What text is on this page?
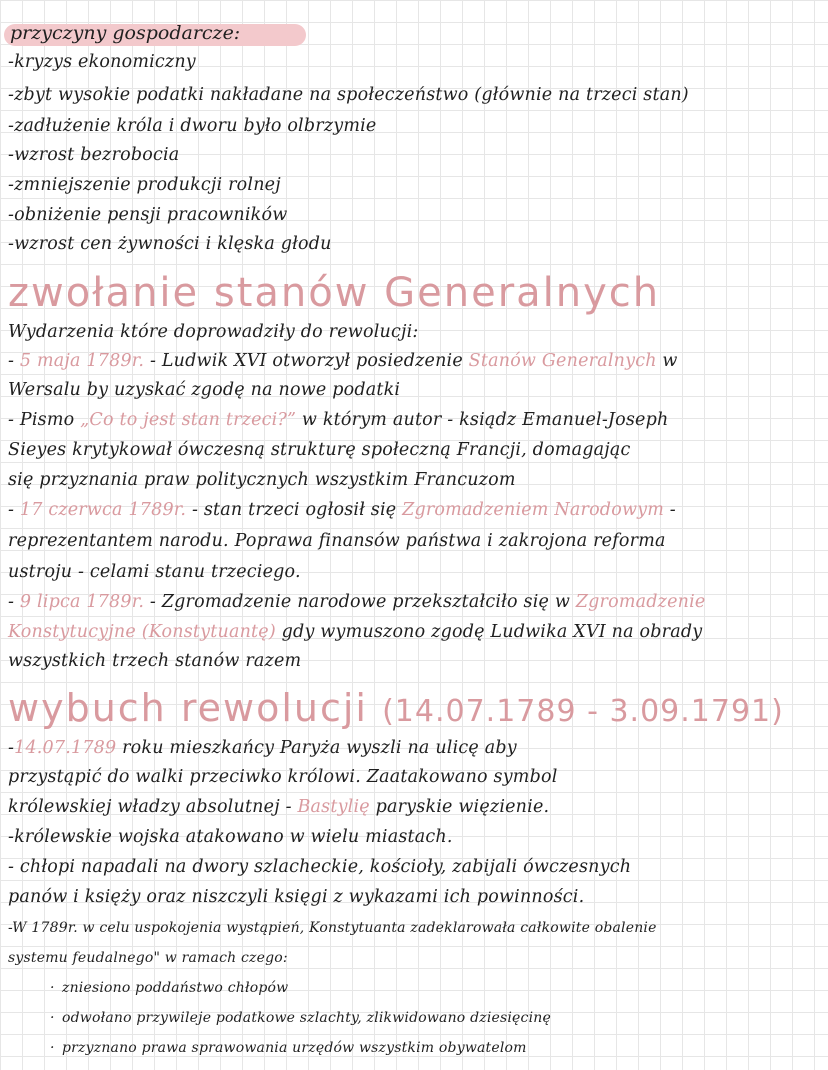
przyczyny gospodarcze:
-kryzys ekonomiczny
-zbyt wysokie podatki nakładane na społeczeństwo (głównie na trzeci stan)
-zadłużenie króla i dworu było olbrzymie
-wzrost bezrobocia
-zmniejszenie produkcji rolnej
-obniżenie pensji pracowników
-wzrost cen żywności i klęska głodu
zwołanie stanów Generalnych
Wydarzenia które doprowadziły do rewolucji:
- 5 maja 1789r. - Ludwik XVI otworzył posiedzenie Stanów Generalnych w
Wersalu by uzyskać zgodę na nowe podatki
- Pismo „Co to jest stan trzeci?” w którym autor - ksiądz Emanuel-Joseph
Sieyes krytykował ówczesną strukturę społeczną Francji, domagając
się przyznania praw politycznych wszystkim Francuzom
- 17 czerwca 1789r. - stan trzeci ogłosił się Zgromadzeniem Narodowym -
reprezentantem narodu. Poprawa finansów państwa i zakrojona reforma
ustroju - celami stanu trzeciego.
- 9 lipca 1789r. - Zgromadzenie narodowe przekształciło się w Zgromadzenie
Konstytucyjne (Konstytuantę) gdy wymuszono zgodę Ludwika XVI na obrady
wszystkich trzech stanów razem
wybuch rewolucji (14.07.1789 - 3.09.1791)
-14.07.1789 roku mieszkańcy Paryża wyszli na ulicę aby
przystąpić do walki przeciwko królowi. Zaatakowano symbol
królewskiej władzy absolutnej - Bastylię paryskie więzienie.
-królewskie wojska atakowano w wielu miastach.
- chłopi napadali na dwory szlacheckie, kościoły, zabijali ówczesnych
panów i księży oraz niszczyli księgi z wykazami ich powinności.
-W 1789r. w celu uspokojenia wystąpień, Konstytuanta zadeklarowała całkowite obalenie
systemu feudalnego" w ramach czego:
· zniesiono poddaństwo chłopów
· odwołano przywileje podatkowe szlachty, zlikwidowano dziesięcinę
· przyznano prawa sprawowania urzędów wszystkim obywatelom
